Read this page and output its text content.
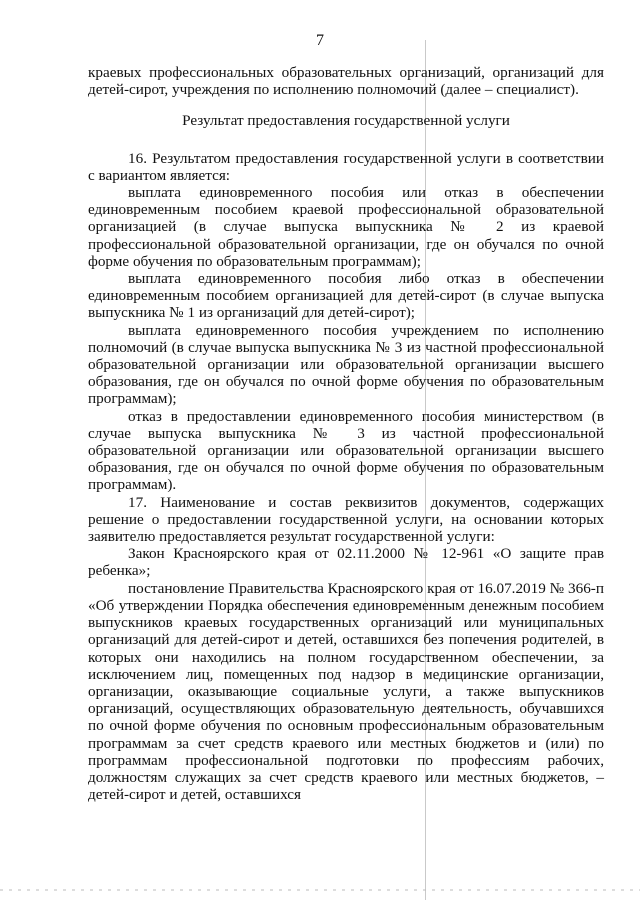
7

краевых профессиональных образовательных организаций, организаций для детей-сирот, учреждения по исполнению полномочий (далее – специалист).

Результат предоставления государственной услуги

16. Результатом предоставления государственной услуги в соответствии с вариантом является:

выплата единовременного пособия или отказ в обеспечении единовременным пособием краевой профессиональной образовательной организацией (в случае выпуска выпускника № 2 из краевой профессиональной образовательной организации, где он обучался по очной форме обучения по образовательным программам);

выплата единовременного пособия либо отказ в обеспечении единовременным пособием организацией для детей-сирот (в случае выпуска выпускника № 1 из организаций для детей-сирот);

выплата единовременного пособия учреждением по исполнению полномочий (в случае выпуска выпускника № 3 из частной профессиональной образовательной организации или образовательной организации высшего образования, где он обучался по очной форме обучения по образовательным программам);

отказ в предоставлении единовременного пособия министерством (в случае выпуска выпускника № 3 из частной профессиональной образовательной организации или образовательной организации высшего образования, где он обучался по очной форме обучения по образовательным программам).

17. Наименование и состав реквизитов документов, содержащих решение о предоставлении государственной услуги, на основании которых заявителю предоставляется результат государственной услуги:

Закон Красноярского края от 02.11.2000 № 12-961 «О защите прав ребенка»;

постановление Правительства Красноярского края от 16.07.2019 № 366-п «Об утверждении Порядка обеспечения единовременным денежным пособием выпускников краевых государственных организаций или муниципальных организаций для детей-сирот и детей, оставшихся без попечения родителей, в которых они находились на полном государственном обеспечении, за исключением лиц, помещенных под надзор в медицинские организации, организации, оказывающие социальные услуги, а также выпускников организаций, осуществляющих образовательную деятельность, обучавшихся по очной форме обучения по основным профессиональным образовательным программам за счет средств краевого или местных бюджетов и (или) по программам профессиональной подготовки по профессиям рабочих, должностям служащих за счет средств краевого или местных бюджетов, – детей-сирот и детей, оставшихся
